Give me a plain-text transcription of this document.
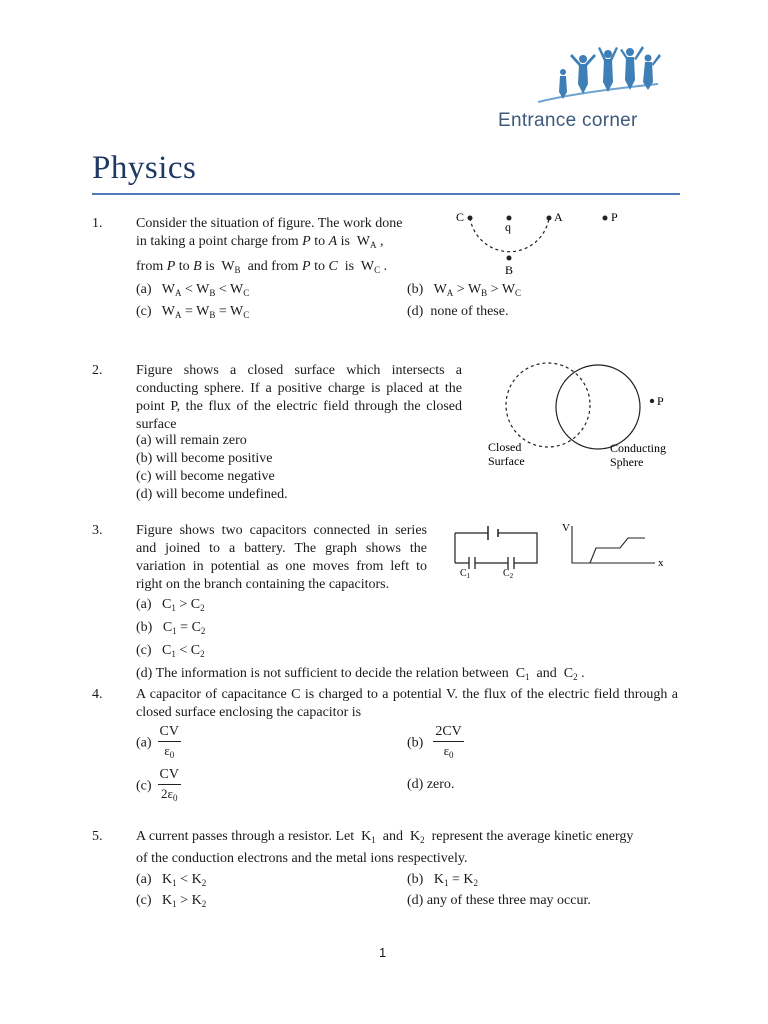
Entrance corner
Physics
1. Consider the situation of figure. The work done
in taking a point charge from P to A is  $W_A$ ,
from P to B is  $W_B$  and from P to C  is  $W_C$ .
(a)   $W_A < W_B < W_C$	(b)   $W_A > W_B > W_C$
(c)   $W_A = W_B = W_C$	(d) none of these.
C
q
A	P
B
2. Figure shows a closed surface which intersects a conducting sphere. If a positive charge is placed at the point P, the flux of the electric field through the closed surface
(a) will remain zero
(b) will become positive
(c) will become negative
(d) will become undefined.
P
Closed
Surface
Conducting
Sphere
3. Figure shows two capacitors connected in series and joined to a battery. The graph shows the variation in potential as one moves from left to right on the branch containing the capacitors.
(a)   $C_1 > C_2$
(b)   $C_1 = C_2$
(c)   $C_1 < C_2$
(d) The information is not sufficient to decide the relation between  $C_1$ and  $C_2$ .
$C_1$	$C_2$
V
x
4. A capacitor of capacitance C is charged to a potential V. the flux of the electric field through a closed surface enclosing the capacitor is
$(a) \frac{CV}{\varepsilon_0}$	$(b) \frac{2CV}{\varepsilon_0}$
$(c) \frac{CV}{2\varepsilon_0}$	(d) zero.
5. A current passes through a resistor. Let  $K_1$  and  $K_2$  represent the average kinetic energy
of the conduction electrons and the metal ions respectively.
(a)   $K_1 < K_2$	(b)   $K_1 = K_2$
(c)   $K_1 > K_2$	(d) any of these three may occur.
1
